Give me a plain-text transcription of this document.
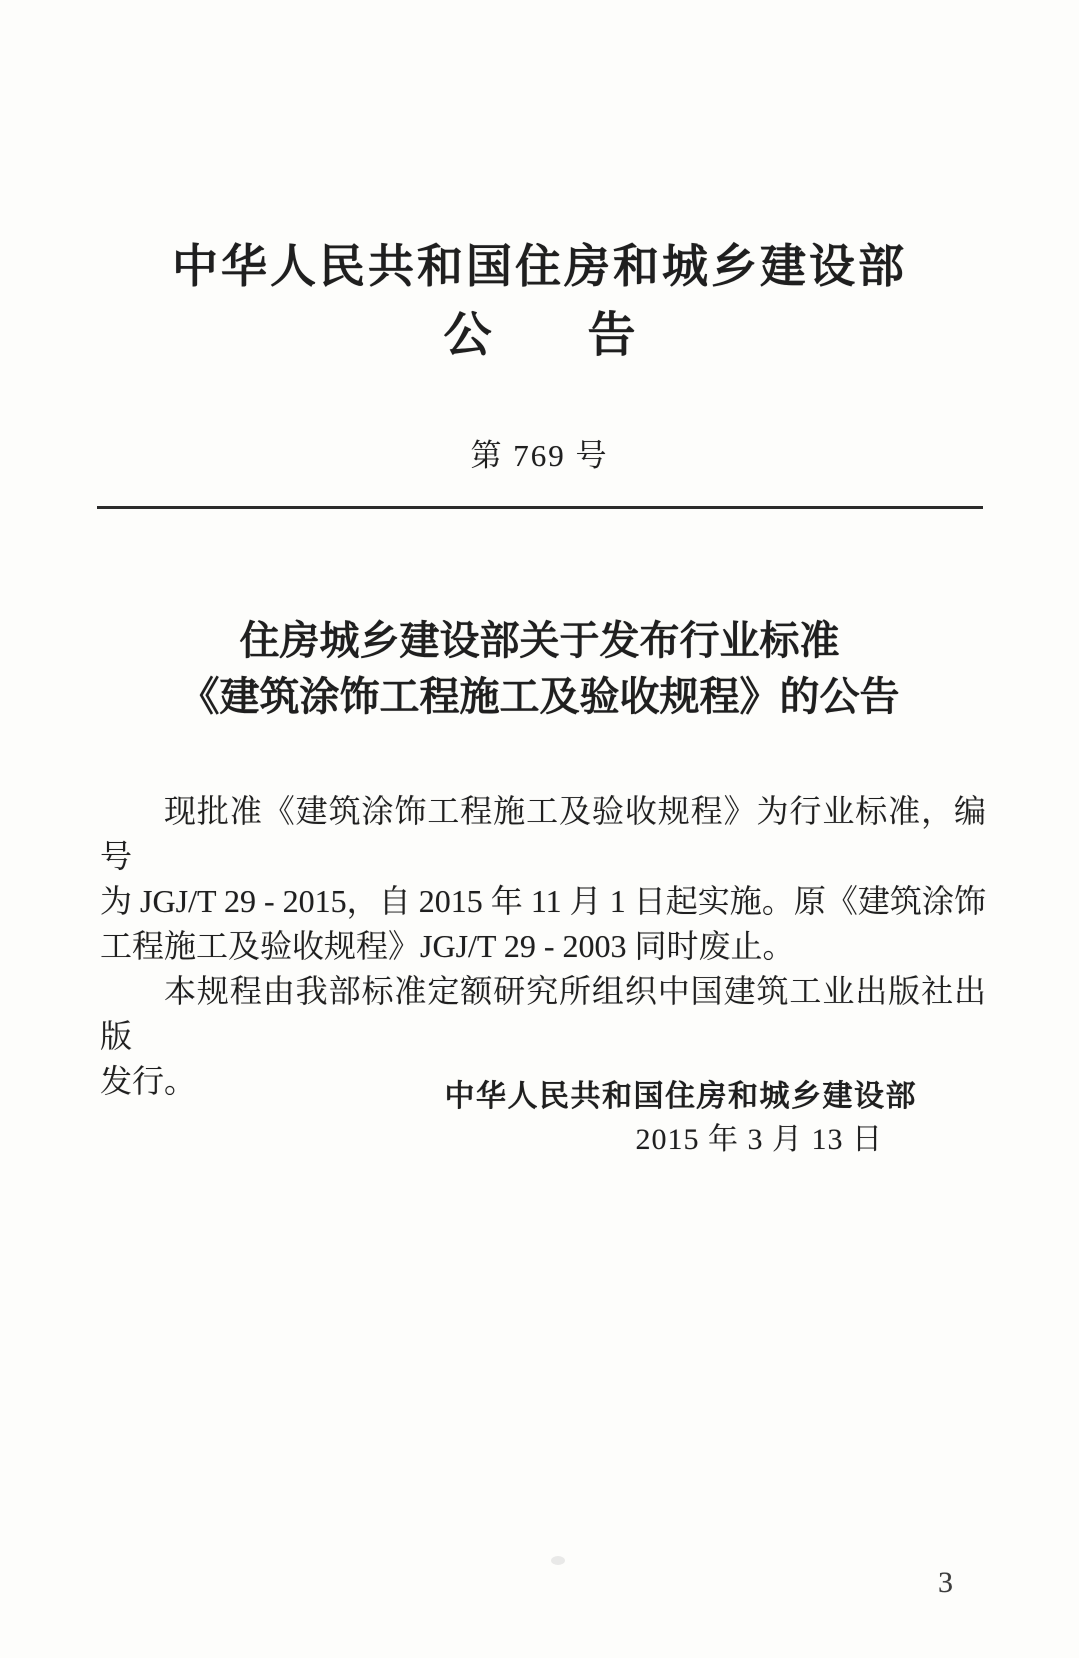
中华人民共和国住房和城乡建设部
公　　告
第 769 号
住房城乡建设部关于发布行业标准
《建筑涂饰工程施工及验收规程》的公告
现批准《建筑涂饰工程施工及验收规程》为行业标准，编号
为 JGJ/T 29 - 2015，自 2015 年 11 月 1 日起实施。原《建筑涂饰
工程施工及验收规程》JGJ/T 29 - 2003 同时废止。
本规程由我部标准定额研究所组织中国建筑工业出版社出版
发行。	中华人民共和国住房和城乡建设部
2015 年 3 月 13 日
3
